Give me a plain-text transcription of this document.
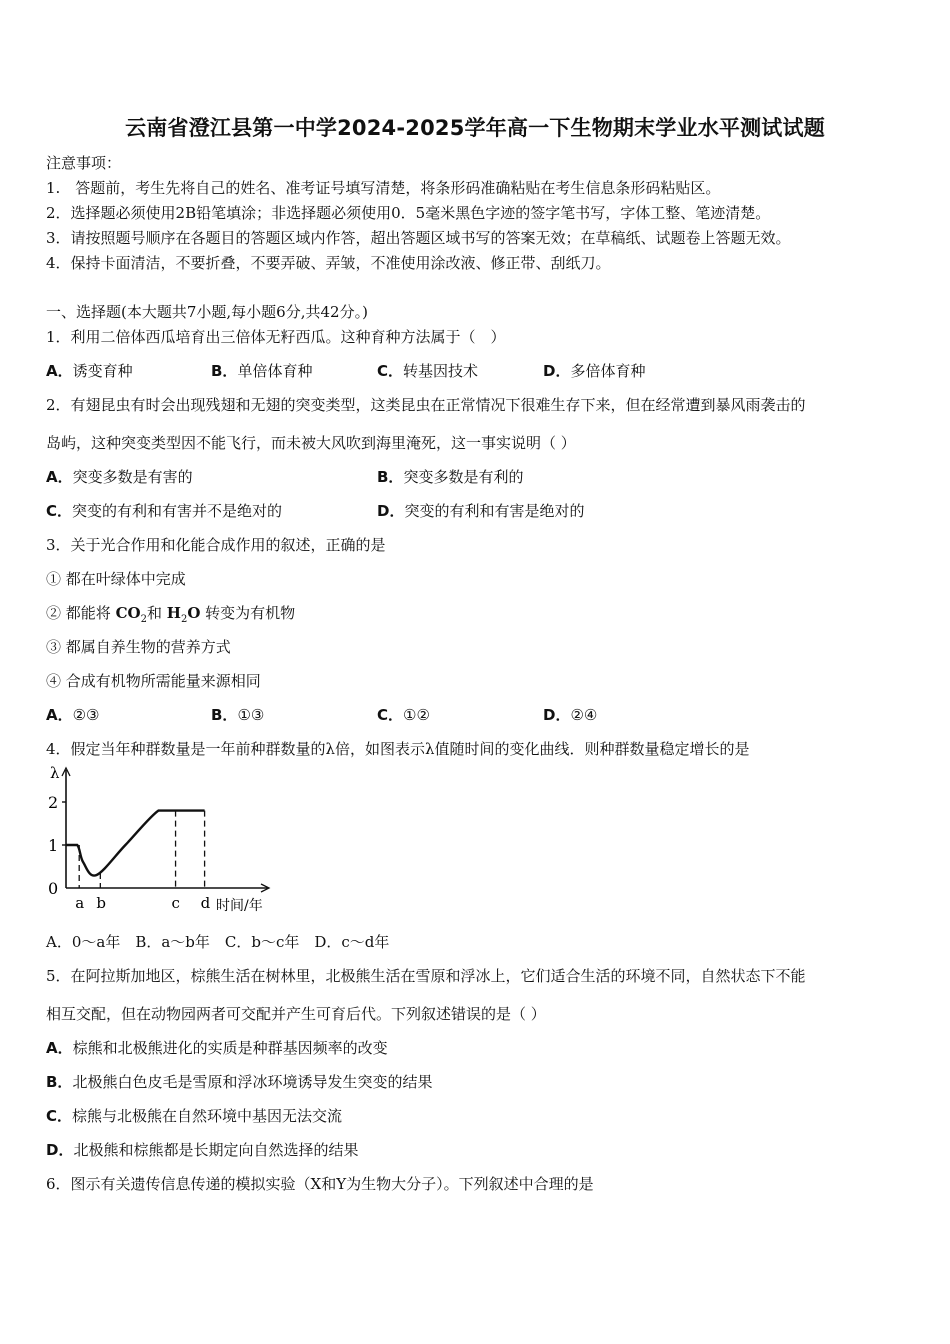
云南省澄江县第一中学2024-2025学年高一下生物期末学业水平测试试题
注意事项：
1.　答题前，考生先将自己的姓名、准考证号填写清楚，将条形码准确粘贴在考生信息条形码粘贴区。
2．选择题必须使用2B铅笔填涂；非选择题必须使用0．5毫米黑色字迹的签字笔书写，字体工整、笔迹清楚。
3．请按照题号顺序在各题目的答题区域内作答，超出答题区域书写的答案无效；在草稿纸、试题卷上答题无效。
4．保持卡面清洁，不要折叠，不要弄破、弄皱，不准使用涂改液、修正带、刮纸刀。
一、选择题(本大题共7小题,每小题6分,共42分。)
1．利用二倍体西瓜培育出三倍体无籽西瓜。这种育种方法属于（　）
A．诱变育种	B．单倍体育种	C．转基因技术	D．多倍体育种
2．有翅昆虫有时会出现残翅和无翅的突变类型，这类昆虫在正常情况下很难生存下来，但在经常遭到暴风雨袭击的
岛屿，这种突变类型因不能飞行，而未被大风吹到海里淹死，这一事实说明（ ）
A．突变多数是有害的	B．突变多数是有利的
C．突变的有利和有害并不是绝对的	D．突变的有利和有害是绝对的
3．关于光合作用和化能合成作用的叙述，正确的是
① 都在叶绿体中完成
② 都能将 $CO_2$和 $H_2O$ 转变为有机物
③ 都属自养生物的营养方式
④ 合成有机物所需能量来源相同
A．②③	B．①③	C．①②	D．②④
4．假定当年种群数量是一年前种群数量的λ倍，如图表示λ值随时间的变化曲线．则种群数量稳定增长的是
λ
时间/年
0
1
2
a b	c d
A．0～a年　B．a～b年　C．b～c年　D．c～d年
5．在阿拉斯加地区，棕熊生活在树林里，北极熊生活在雪原和浮冰上，它们适合生活的环境不同，自然状态下不能
相互交配，但在动物园两者可交配并产生可育后代。下列叙述错误的是（ ）
A．棕熊和北极熊进化的实质是种群基因频率的改变
B．北极熊白色皮毛是雪原和浮冰环境诱导发生突变的结果
C．棕熊与北极熊在自然环境中基因无法交流
D．北极熊和棕熊都是长期定向自然选择的结果
6．图示有关遗传信息传递的模拟实验（X和Y为生物大分子）。下列叙述中合理的是
